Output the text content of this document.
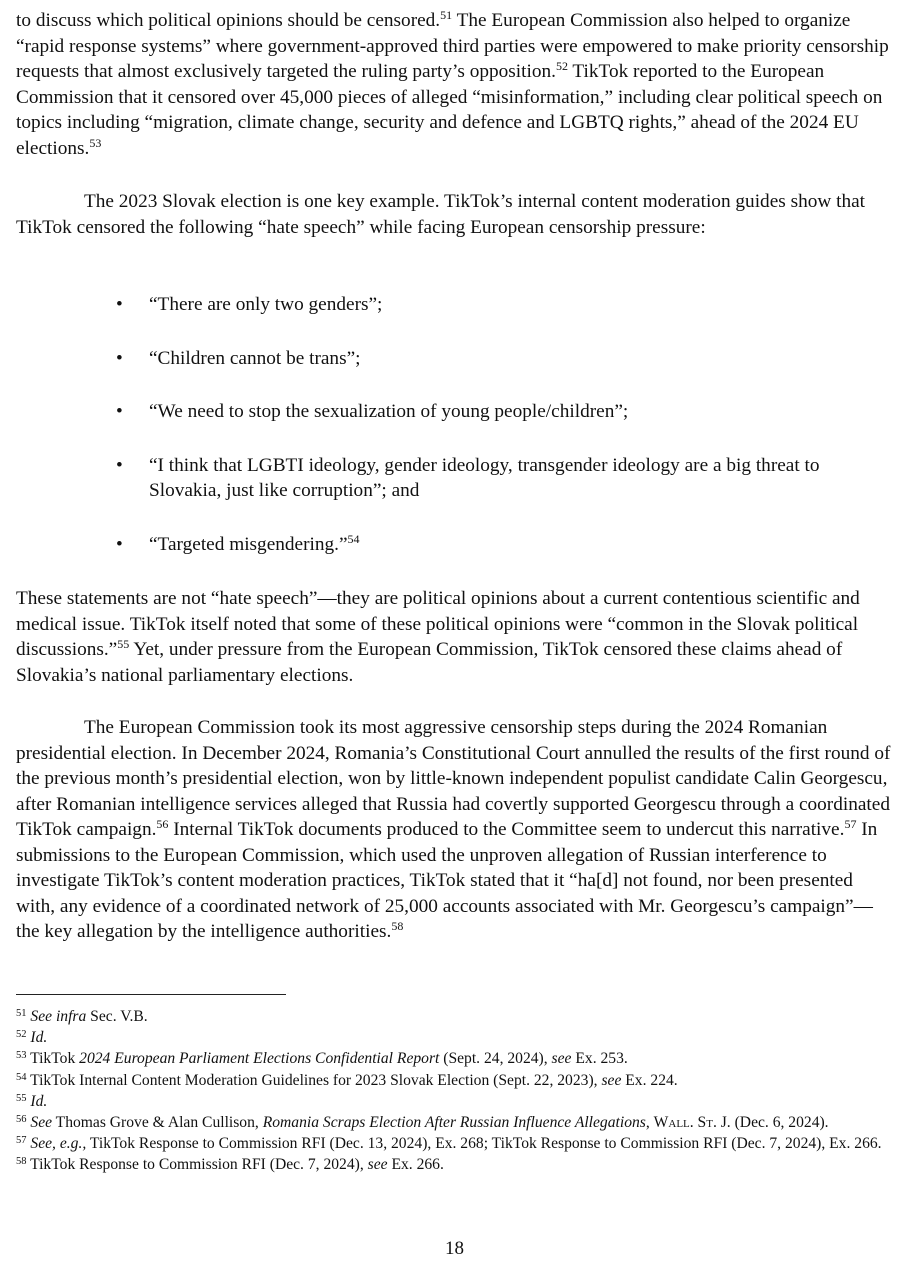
to discuss which political opinions should be censored.$^{51}$ The European Commission also helped to organize “rapid response systems” where government-approved third parties were empowered to make priority censorship requests that almost exclusively targeted the ruling party’s opposition.$^{52}$ TikTok reported to the European Commission that it censored over 45,000 pieces of alleged “misinformation,” including clear political speech on topics including “migration, climate change, security and defence and LGBTQ rights,” ahead of the 2024 EU elections.$^{53}$

The 2023 Slovak election is one key example. TikTok’s internal content moderation guides show that TikTok censored the following “hate speech” while facing European censorship pressure:

• “There are only two genders”;
• “Children cannot be trans”;
• “We need to stop the sexualization of young people/children”;
• “I think that LGBTI ideology, gender ideology, transgender ideology are a big threat to Slovakia, just like corruption”; and
• “Targeted misgendering.”$^{54}$

These statements are not “hate speech”—they are political opinions about a current contentious scientific and medical issue. TikTok itself noted that some of these political opinions were “common in the Slovak political discussions.”$^{55}$ Yet, under pressure from the European Commission, TikTok censored these claims ahead of Slovakia’s national parliamentary elections.

The European Commission took its most aggressive censorship steps during the 2024 Romanian presidential election. In December 2024, Romania’s Constitutional Court annulled the results of the first round of the previous month’s presidential election, won by little-known independent populist candidate Calin Georgescu, after Romanian intelligence services alleged that Russia had covertly supported Georgescu through a coordinated TikTok campaign.$^{56}$ Internal TikTok documents produced to the Committee seem to undercut this narrative.$^{57}$ In submissions to the European Commission, which used the unproven allegation of Russian interference to investigate TikTok’s content moderation practices, TikTok stated that it “ha[d] not found, nor been presented with, any evidence of a coordinated network of 25,000 accounts associated with Mr. Georgescu’s campaign”—the key allegation by the intelligence authorities.$^{58}$

$^{51}$ See infra Sec. V.B.

$^{52}$ Id.

$^{53}$ TikTok 2024 European Parliament Elections Confidential Report (Sept. 24, 2024), see Ex. 253.

$^{54}$ TikTok Internal Content Moderation Guidelines for 2023 Slovak Election (Sept. 22, 2023), see Ex. 224.

$^{55}$ Id.

$^{56}$ See Thomas Grove & Alan Cullison, Romania Scraps Election After Russian Influence Allegations, Wall. St. J. (Dec. 6, 2024).

$^{57}$ See, e.g., TikTok Response to Commission RFI (Dec. 13, 2024), Ex. 268; TikTok Response to Commission RFI (Dec. 7, 2024), Ex. 266.

$^{58}$ TikTok Response to Commission RFI (Dec. 7, 2024), see Ex. 266.

18
